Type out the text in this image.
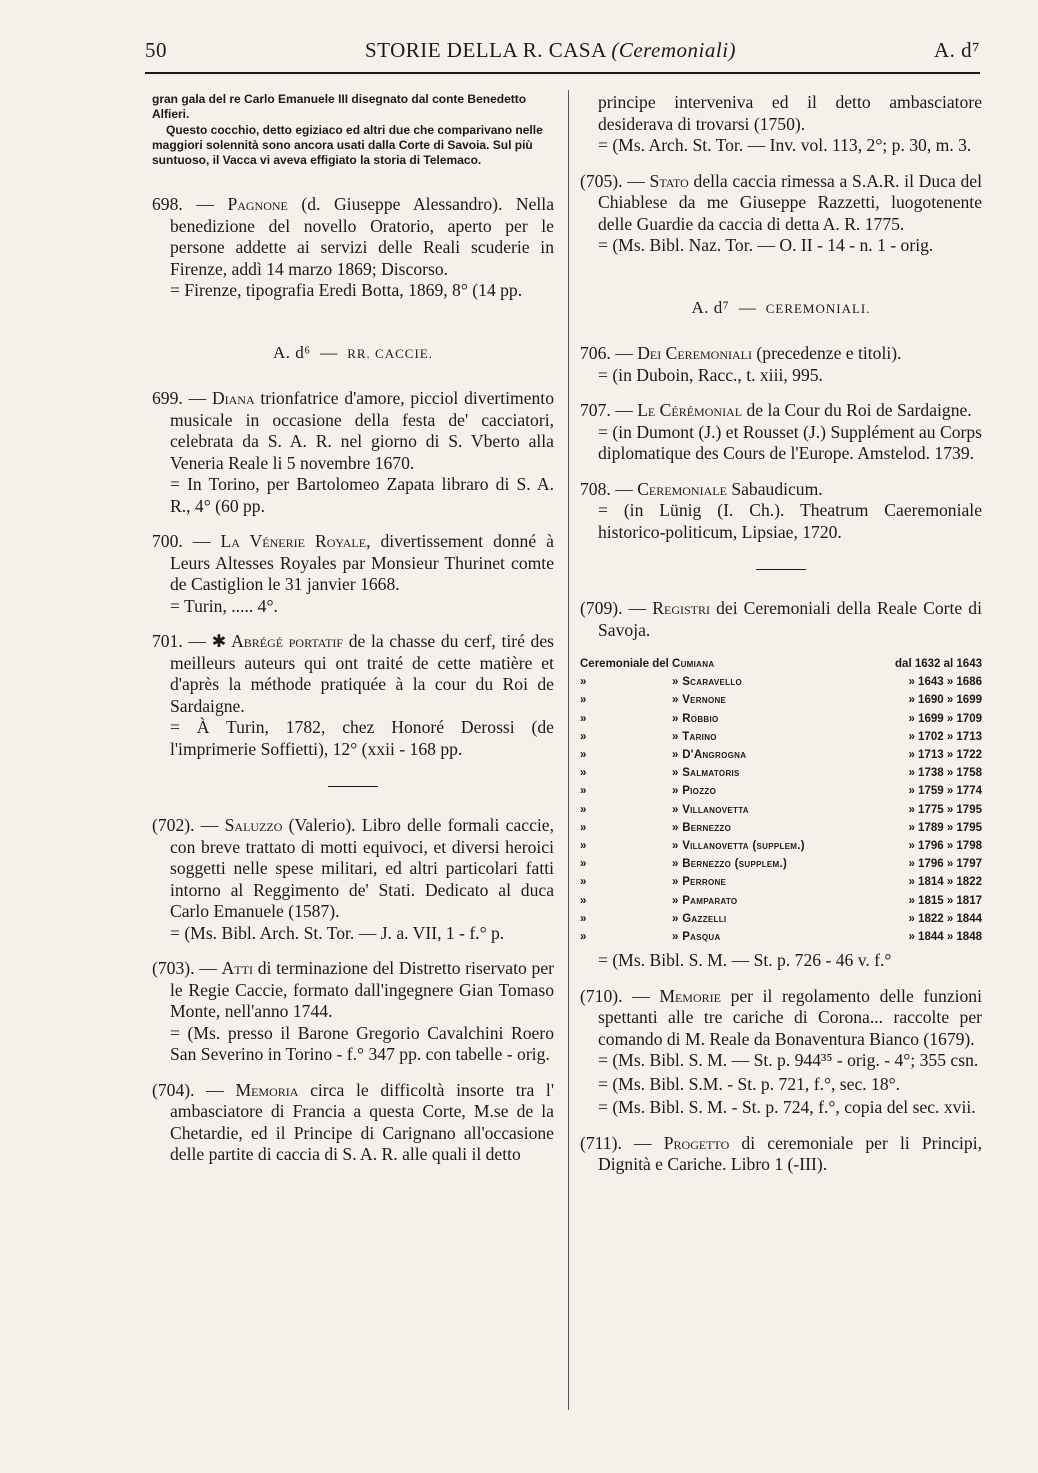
50	STORIE DELLA R. CASA (Ceremoniali)	A. d⁷

gran gala del re Carlo Emanuele III disegnato dal conte Benedetto Alfieri.

Questo cocchio, detto egiziaco ed altri due che comparivano nelle maggiori solennità sono ancora usati dalla Corte di Savoia. Sul più suntuoso, il Vacca vi aveva effigiato la storia di Telemaco.

698. — Pagnone (d. Giuseppe Alessandro). Nella benedizione del novello Oratorio, aperto per le persone addette ai servizi delle Reali scuderie in Firenze, addì 14 marzo 1869; Discorso.

= Firenze, tipografia Eredi Botta, 1869, 8° (14 pp.

A. d⁶ — RR. CACCIE.

699. — Diana trionfatrice d'amore, picciol divertimento musicale in occasione della festa de' cacciatori, celebrata da S. A. R. nel giorno di S. Vberto alla Veneria Reale li 5 novembre 1670.

= In Torino, per Bartolomeo Zapata libraro di S. A. R., 4° (60 pp.

700. — La Vénerie Royale, divertissement donné à Leurs Altesses Royales par Monsieur Thurinet comte de Castiglion le 31 janvier 1668.

= Turin, ..... 4°.

701. — ✱ Abrégé portatif de la chasse du cerf, tiré des meilleurs auteurs qui ont traité de cette matière et d'après la méthode pratiquée à la cour du Roi de Sardaigne.

= À Turin, 1782, chez Honoré Derossi (de l'imprimerie Soffietti), 12° (xxii - 168 pp.

(702). — Saluzzo (Valerio). Libro delle formali caccie, con breve trattato di motti equivoci, et diversi heroici soggetti nelle spese militari, ed altri particolari fatti intorno al Reggimento de' Stati. Dedicato al duca Carlo Emanuele (1587).

= (Ms. Bibl. Arch. St. Tor. — J. a. VII, 1 - f.° p.

(703). — Atti di terminazione del Distretto riservato per le Regie Caccie, formato dall'ingegnere Gian Tomaso Monte, nell'anno 1744.

= (Ms. presso il Barone Gregorio Cavalchini Roero San Severino in Torino - f.° 347 pp. con tabelle - orig.

(704). — Memoria circa le difficoltà insorte tra l' ambasciatore di Francia a questa Corte, M.se de la Chetardie, ed il Principe di Carignano all'occasione delle partite di caccia di S. A. R. alle quali il detto

principe interveniva ed il detto ambasciatore desiderava di trovarsi (1750).

= (Ms. Arch. St. Tor. — Inv. vol. 113, 2°; p. 30, m. 3.

(705). — Stato della caccia rimessa a S.A.R. il Duca del Chiablese da me Giuseppe Razzetti, luogotenente delle Guardie da caccia di detta A. R. 1775.

= (Ms. Bibl. Naz. Tor. — O. II - 14 - n. 1 - orig.

A. d⁷ — CEREMONIALI.

706. — Dei Ceremoniali (precedenze e titoli).

= (in Duboin, Racc., t. xiii, 995.

707. — Le Cérémonial de la Cour du Roi de Sardaigne.

= (in Dumont (J.) et Rousset (J.) Supplément au Corps diplomatique des Cours de l'Europe. Amstelod. 1739.

708. — Ceremoniale Sabaudicum.

= (in Lünig (I. Ch.). Theatrum Caeremoniale historico-politicum, Lipsiae, 1720.

(709). — Registri dei Ceremoniali della Reale Corte di Savoja.

Ceremoniale del Cumiana	dal 1632 al 1643
»	» Scaravello	» 1643 » 1686
»	» Vernone	» 1690 » 1699
»	» Robbio	» 1699 » 1709
»	» Tarino	» 1702 » 1713
»	» D'Angrogna	» 1713 » 1722
»	» Salmatoris	» 1738 » 1758
»	» Piozzo	» 1759 » 1774
»	» Villanovetta	» 1775 » 1795
»	» Bernezzo	» 1789 » 1795
»	» Villanovetta (supplem.)	» 1796 » 1798
»	» Bernezzo (supplem.)	» 1796 » 1797
»	» Perrone	» 1814 » 1822
»	» Pamparato	» 1815 » 1817
»	» Gazzelli	» 1822 » 1844
»	» Pasqua	» 1844 » 1848

= (Ms. Bibl. S. M. — St. p. 726 - 46 v. f.°

(710). — Memorie per il regolamento delle funzioni spettanti alle tre cariche di Corona... raccolte per comando di M. Reale da Bonaventura Bianco (1679).

= (Ms. Bibl. S. M. — St. p. 944³⁵ - orig. - 4°; 355 csn.

= (Ms. Bibl. S.M. - St. p. 721, f.°, sec. 18°.

= (Ms. Bibl. S. M. - St. p. 724, f.°, copia del sec. xvii.

(711). — Progetto di ceremoniale per li Principi, Dignità e Cariche. Libro 1 (-III).
